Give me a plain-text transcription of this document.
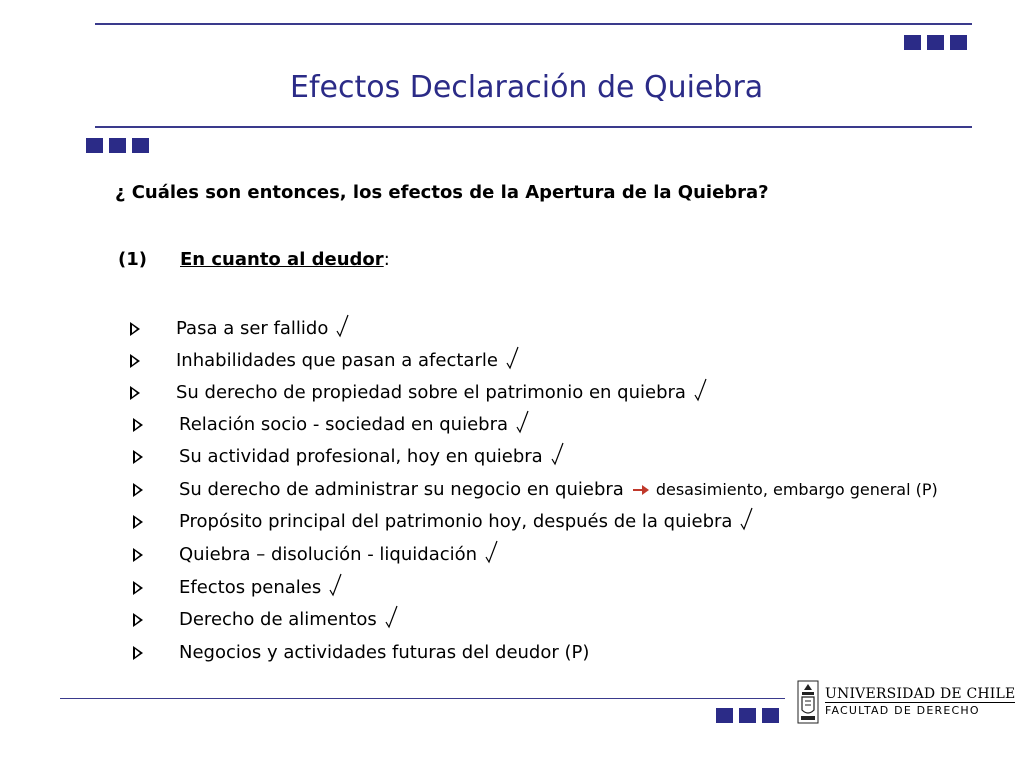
Efectos Declaración de Quiebra
¿ Cuáles son entonces, los efectos de la Apertura de la Quiebra?
(1) En cuanto al deudor:
Pasa a ser fallido
Inhabilidades que pasan a afectarle
Su derecho de propiedad sobre el patrimonio en quiebra
Relación socio - sociedad en quiebra
Su actividad profesional, hoy en quiebra
Su derecho de administrar su negocio en quiebra desasimiento, embargo general (P)
Propósito principal del patrimonio hoy, después de la quiebra
Quiebra – disolución - liquidación
Efectos penales
Derecho de alimentos
Negocios y actividades futuras del deudor (P)
UNIVERSIDAD DE CHILE
FACULTAD DE DERECHO
